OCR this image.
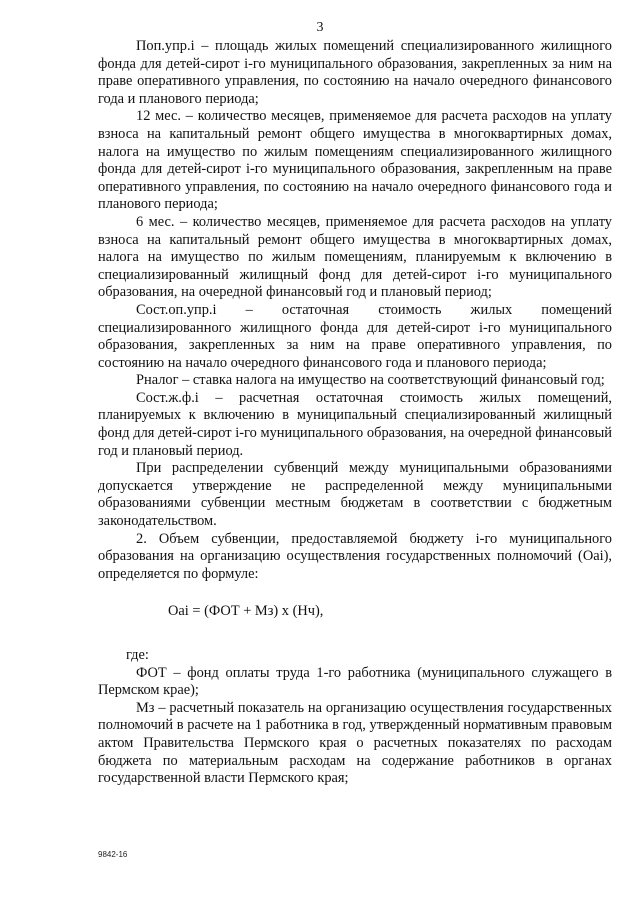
3

Поп.упр.i – площадь жилых помещений специализированного жилищного фонда для детей-сирот i-го муниципального образования, закрепленных за ним на праве оперативного управления, по состоянию на начало очередного финансового года и планового периода;

12 мес. – количество месяцев, применяемое для расчета расходов на уплату взноса на капитальный ремонт общего имущества в многоквартирных домах, налога на имущество по жилым помещениям специализированного жилищного фонда для детей-сирот i-го муниципального образования, закрепленным на праве оперативного управления, по состоянию на начало очередного финансового года и планового периода;

6 мес. – количество месяцев, применяемое для расчета расходов на уплату взноса на капитальный ремонт общего имущества в многоквартирных домах, налога на имущество по жилым помещениям, планируемым к включению в специализированный жилищный фонд для детей-сирот i-го муниципального образования, на очередной финансовый год и плановый период;

Сост.оп.упр.i – остаточная стоимость жилых помещений специализированного жилищного фонда для детей-сирот i-го муниципального образования, закрепленных за ним на праве оперативного управления, по состоянию на начало очередного финансового года и планового периода;

Рналог – ставка налога на имущество на соответствующий финансовый год;

Сост.ж.ф.i – расчетная остаточная стоимость жилых помещений, планируемых к включению в муниципальный специализированный жилищный фонд для детей-сирот i-го муниципального образования, на очередной финансовый год и плановый период.

При распределении субвенций между муниципальными образованиями допускается утверждение не распределенной между муниципальными образованиями субвенции местным бюджетам в соответствии с бюджетным законодательством.

2. Объем субвенции, предоставляемой бюджету i-го муниципального образования на организацию осуществления государственных полномочий (Оаi), определяется по формуле:

Оаi = (ФОТ + Мз) х (Нч),

где:

ФОТ – фонд оплаты труда 1-го работника (муниципального служащего в Пермском крае);

Мз – расчетный показатель на организацию осуществления государственных полномочий в расчете на 1 работника в год, утвержденный нормативным правовым актом Правительства Пермского края о расчетных показателях по расходам бюджета по материальным расходам на содержание работников в органах государственной власти Пермского края;

9842-16
